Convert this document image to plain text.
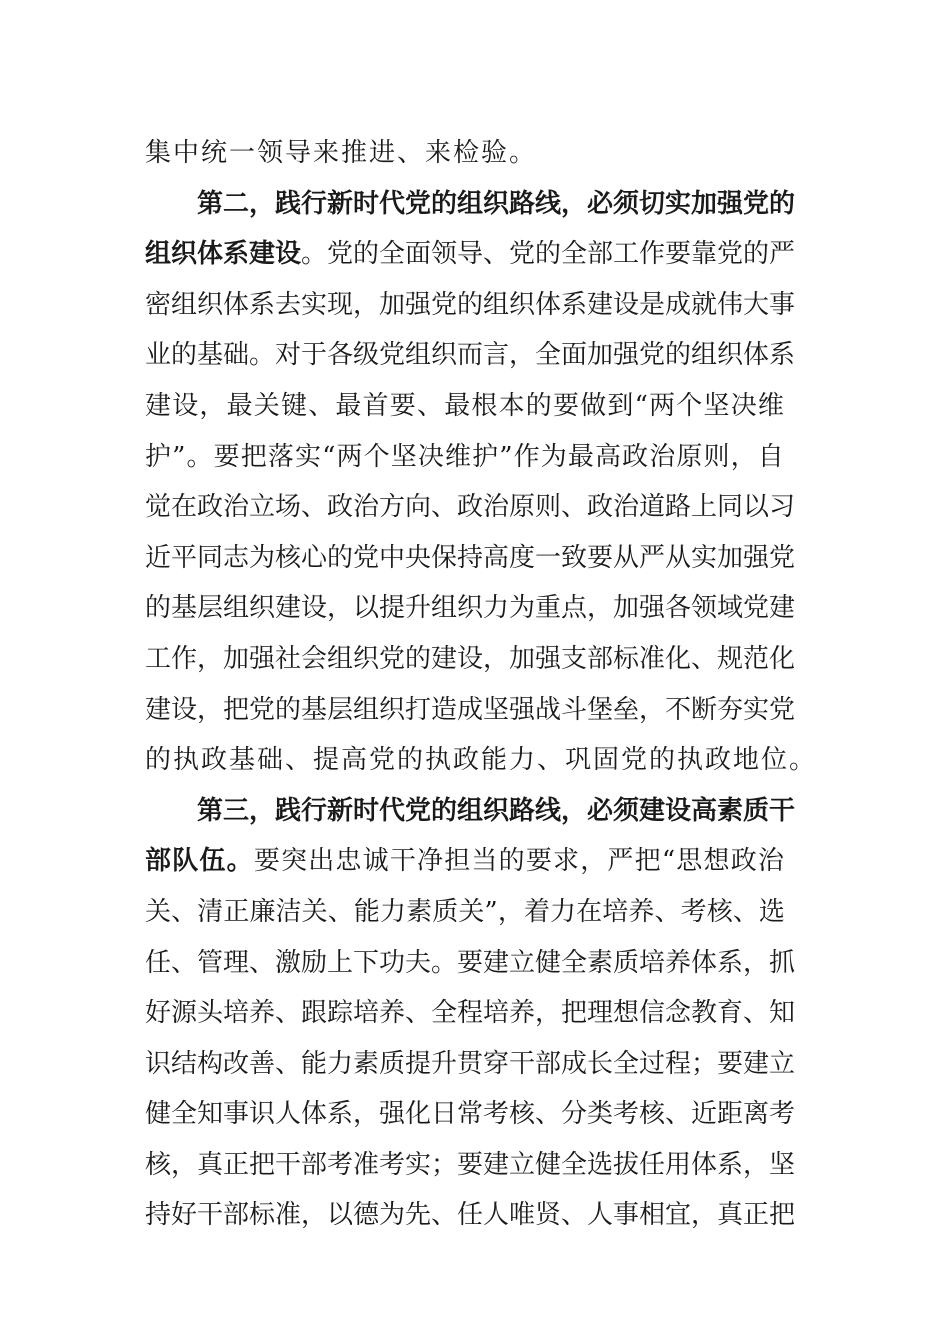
集中统一领导来推进、来检验。
第二，践行新时代党的组织路线，必须切实加强党的
组织体系建设。党的全面领导、党的全部工作要靠党的严
密组织体系去实现，加强党的组织体系建设是成就伟大事
业的基础。对于各级党组织而言，全面加强党的组织体系
建设，最关键、最首要、最根本的要做到“两个坚决维
护”。要把落实“两个坚决维护”作为最高政治原则，自
觉在政治立场、政治方向、政治原则、政治道路上同以习
近平同志为核心的党中央保持高度一致要从严从实加强党
的基层组织建设，以提升组织力为重点，加强各领域党建
工作，加强社会组织党的建设，加强支部标准化、规范化
建设，把党的基层组织打造成坚强战斗堡垒，不断夯实党
的执政基础、提高党的执政能力、巩固党的执政地位。
第三，践行新时代党的组织路线，必须建设高素质干
部队伍。要突出忠诚干净担当的要求，严把“思想政治
关、清正廉洁关、能力素质关”，着力在培养、考核、选
任、管理、激励上下功夫。要建立健全素质培养体系，抓
好源头培养、跟踪培养、全程培养，把理想信念教育、知
识结构改善、能力素质提升贯穿干部成长全过程；要建立
健全知事识人体系，强化日常考核、分类考核、近距离考
核，真正把干部考准考实；要建立健全选拔任用体系，坚
持好干部标准，以德为先、任人唯贤、人事相宜，真正把
